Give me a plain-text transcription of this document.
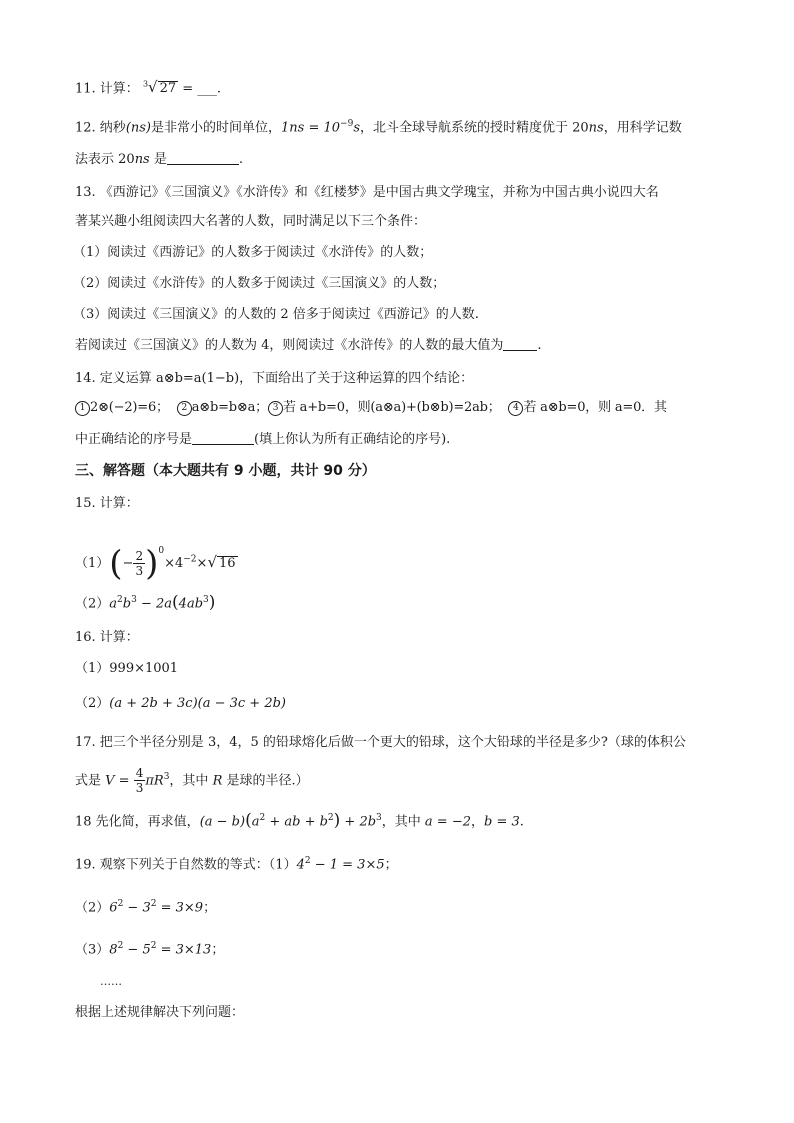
11. 计算： $^3$√ 27 = ___.
12. 纳秒(ns)是非常小的时间单位，$1ns = 10^{-9}s$，北斗全球导航系统的授时精度优于 20ns，用科学记数
法表示 20ns 是	.
13. 《西游记》《三国演义》《水浒传》和《红楼梦》是中国古典文学瑰宝，并称为中国古典小说四大名
著某兴趣小组阅读四大名著的人数，同时满足以下三个条件：
（1）阅读过《西游记》的人数多于阅读过《水浒传》的人数；
（2）阅读过《水浒传》的人数多于阅读过《三国演义》的人数；
（3）阅读过《三国演义》的人数的 2 倍多于阅读过《西游记》的人数.
若阅读过《三国演义》的人数为 4，则阅读过《水浒传》的人数的最大值为	.
14. 定义运算 a⊗b=a(1−b)，下面给出了关于这种运算的四个结论：
1 2⊗(−2)=6； 2 a⊗b=b⊗a； 3 若 a+b=0，则(a⊗a)+(b⊗b)=2ab； 4 若 a⊗b=0，则 a=0．其
中正确结论的序号是	(填上你认为所有正确结论的序号).
三、解答题（本大题共有 9 小题，共计 90 分）
15. 计算：
$(1)(- \frac{2}{3} )^0\times 4^{-2}\times√$ 16
$(2)a^2b^3 - 2a(4ab^3)$
16. 计算：
（1）999×1001
（2）(a + 2b + 3c)(a − 3c + 2b)
17. 把三个半径分别是 3，4，5 的铅球熔化后做一个更大的铅球，这个大铅球的半径是多少?（球的体积公
式是 $V = \frac{4}{3} \pi R^3$，其中 R 是球的半径.）
18 先化简，再求值，$(a - b)(a^2$ + ab + $b^2) + 2b^3$，其中 a = −2，b = 3.
19. 观察下列关于自然数的等式：$(1)4^2 - 1 = 3\times 5$；
$(2)6^2 - 3^2 = 3\times 9$；
$(3)8^2 - 5^2 = 3\times 13$；
……
根据上述规律解决下列问题：
